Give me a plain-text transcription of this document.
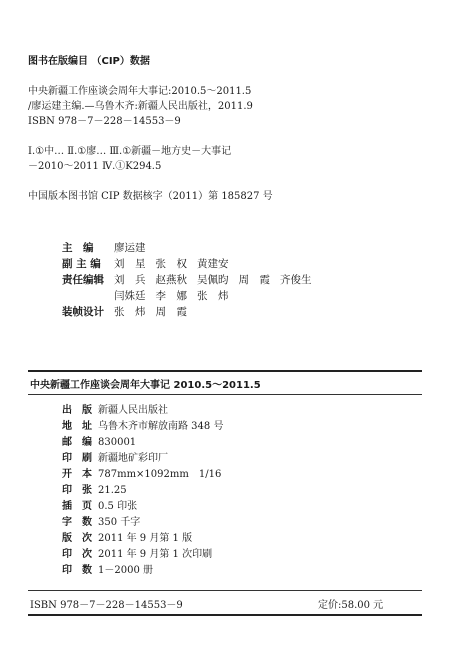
图书在版编目 （CIP）数据
中央新疆工作座谈会周年大事记:2010.5～2011.5
/廖运建主编.—乌鲁木齐:新疆人民出版社，2011.9
ISBN 978－7－228－14553－9
Ⅰ.①中… Ⅱ.①廖… Ⅲ.①新疆－地方史－大事记
－2010～2011 Ⅳ.①K294.5
中国版本图书馆 CIP 数据核字（2011）第 185827 号
主　编	廖运建
副 主 编	刘　星 张　权 黄建安
责任编辑 刘　兵 赵燕秋 吴佩昀 周　霞 齐俊生
闫姝廷 李　娜 张　炜
装帧设计 张　炜 周　霞
中央新疆工作座谈会周年大事记 2010.5～2011.5
出　版 新疆人民出版社
地　址 乌鲁木齐市解放南路 348 号
邮　编 830001
印　刷 新疆地矿彩印厂
开　本 787mm×1092mm　1/16
印　张 21.25
插　页 0.5 印张
字　数 350 千字
版　次 2011 年 9 月第 1 版
印　次 2011 年 9 月第 1 次印刷
印　数 1－2000 册
ISBN 978－7－228－14553－9	定价:58.00 元
